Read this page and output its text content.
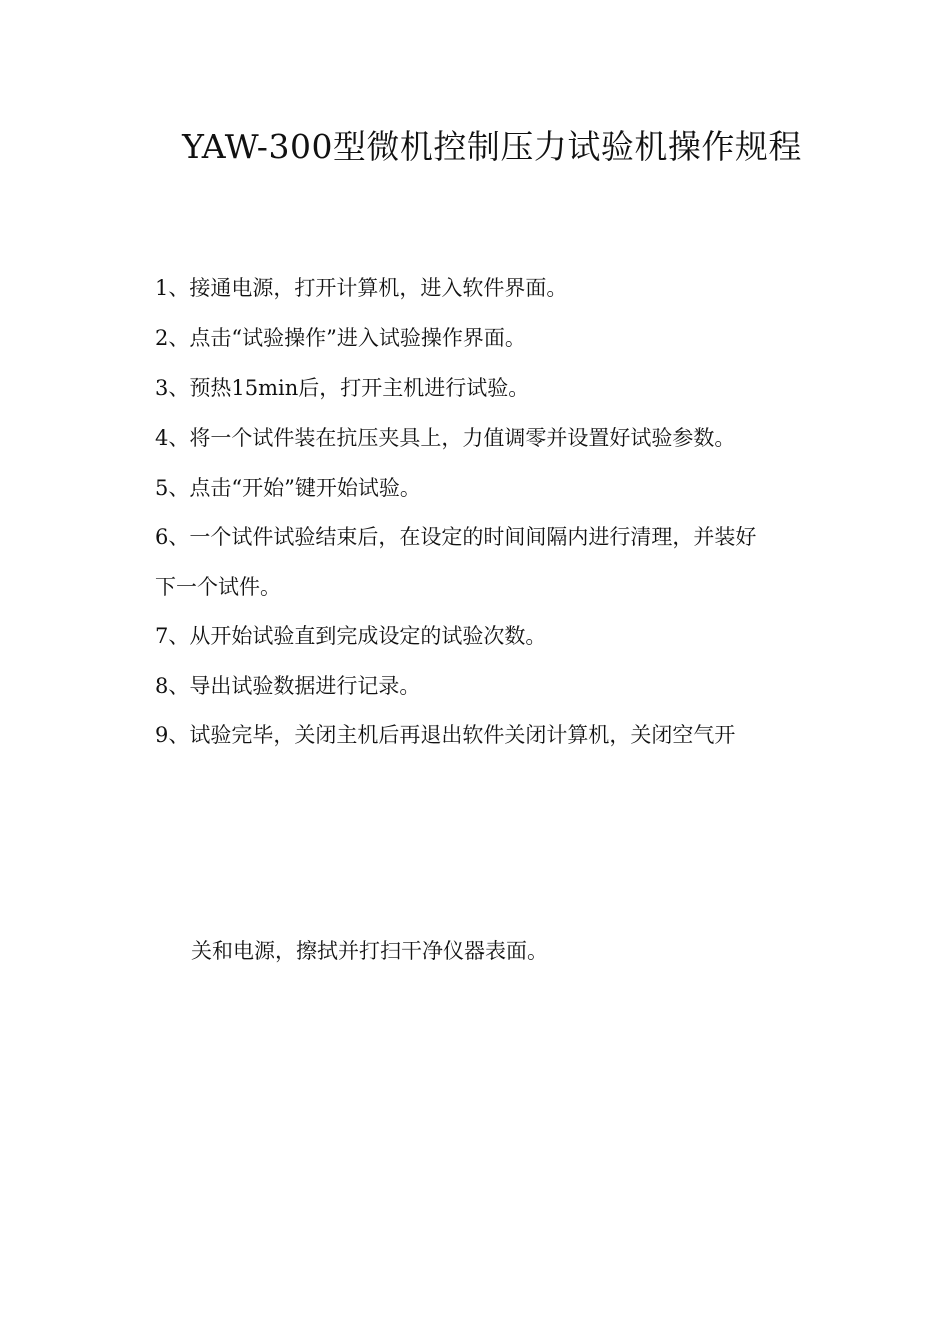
YAW-300型微机控制压力试验机操作规程
1、接通电源，打开计算机，进入软件界面。
2、点击“试验操作”进入试验操作界面。
3、预热15min后，打开主机进行试验。
4、将一个试件装在抗压夹具上，力值调零并设置好试验参数。
5、点击“开始”键开始试验。
6、一个试件试验结束后，在设定的时间间隔内进行清理，并装好
下一个试件。
7、从开始试验直到完成设定的试验次数。
8、导出试验数据进行记录。
9、试验完毕，关闭主机后再退出软件关闭计算机，关闭空气开
关和电源，擦拭并打扫干净仪器表面。
